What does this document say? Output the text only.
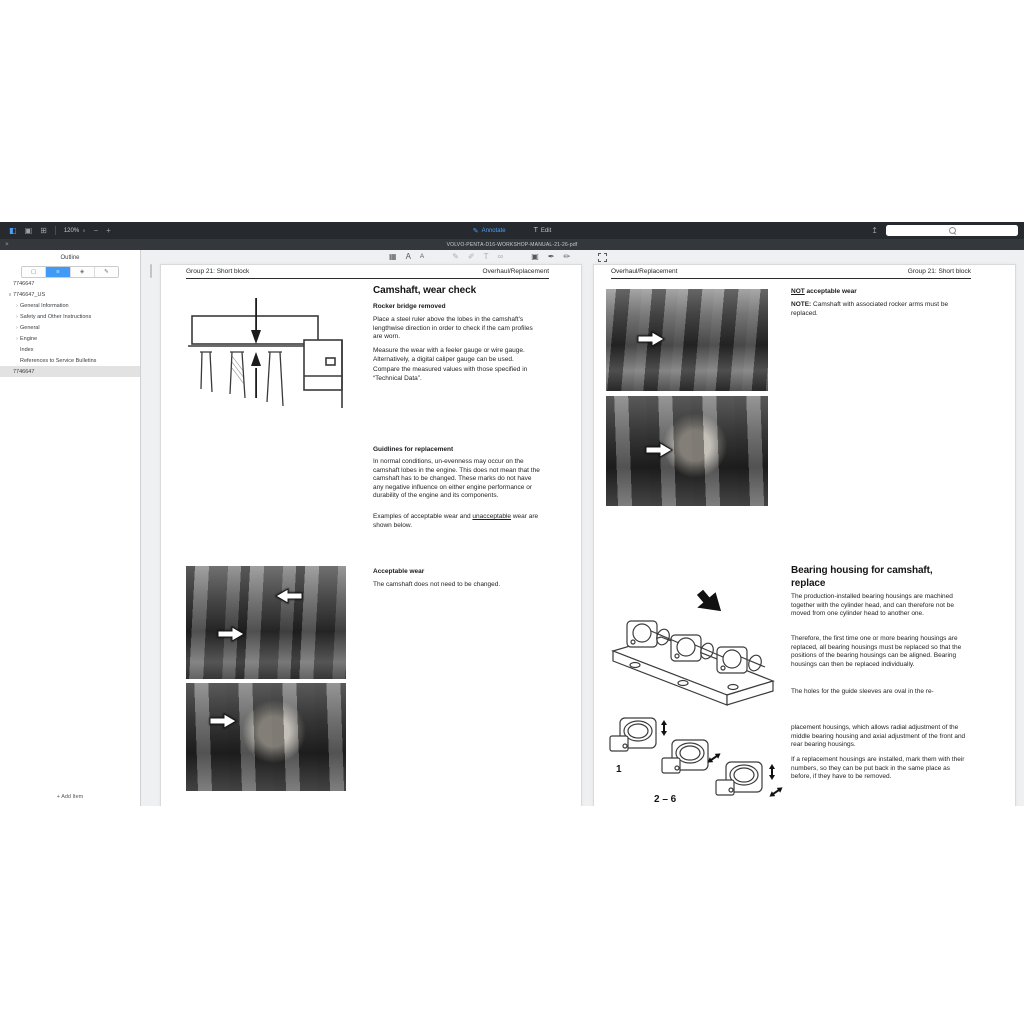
◧ ▣ ⊞	120% ∨ − +	✎ Annotate	T Edit	↥
×	VOLVO-PENTA-D16-WORKSHOP-MANUAL-21-26-pdf
Outline
▢	≡	◈	✎
7746647
∨ 7746647_US
› General Information
› Safety and Other Instructions
› General
› Engine
Index
References to Service Bulletins
7746647
+ Add Item
▦ A A	✎ ✐ T ∞	▣ ✒ ✏
Group 21: Short block	Overhaul/Replacement
Camshaft, wear check
Rocker bridge removed

Place a steel ruler above the lobes in the camshaft's lengthwise direction in order to check if the cam profiles are worn.

Measure the wear with a feeler gauge or wire gauge. Alternatively, a digital caliper gauge can be used.

Compare the measured values with those specified in “Technical Data”.

Guidlines for replacement

In normal conditions, un-evenness may occur on the camshaft lobes in the engine. This does not mean that the camshaft has to be changed. These marks do not have any negative influence on either engine performance or durability of the engine and its components.

Examples of acceptable wear and unacceptable wear are shown below.

Acceptable wear

The camshaft does not need to be changed.

Overhaul/Replacement	Group 21: Short block
NOT acceptable wear

NOTE: Camshaft with associated rocker arms must be replaced.

Bearing housing for camshaft, replace

The production-installed bearing housings are machined together with the cylinder head, and can therefore not be moved from one cylinder head to another one.

Therefore, the first time one or more bearing housings are replaced, all bearing housings must be replaced so that the positions of the bearing housings can be aligned. Bearing housings can then be replaced individually.

The holes for the guide sleeves are oval in the re-

placement housings, which allows radial adjustment of the middle bearing housing and axial adjustment of the front and rear bearing housings.

If a replacement housings are installed, mark them with their numbers, so they can be put back in the same place as before, if they have to be removed.

1
2 – 6
